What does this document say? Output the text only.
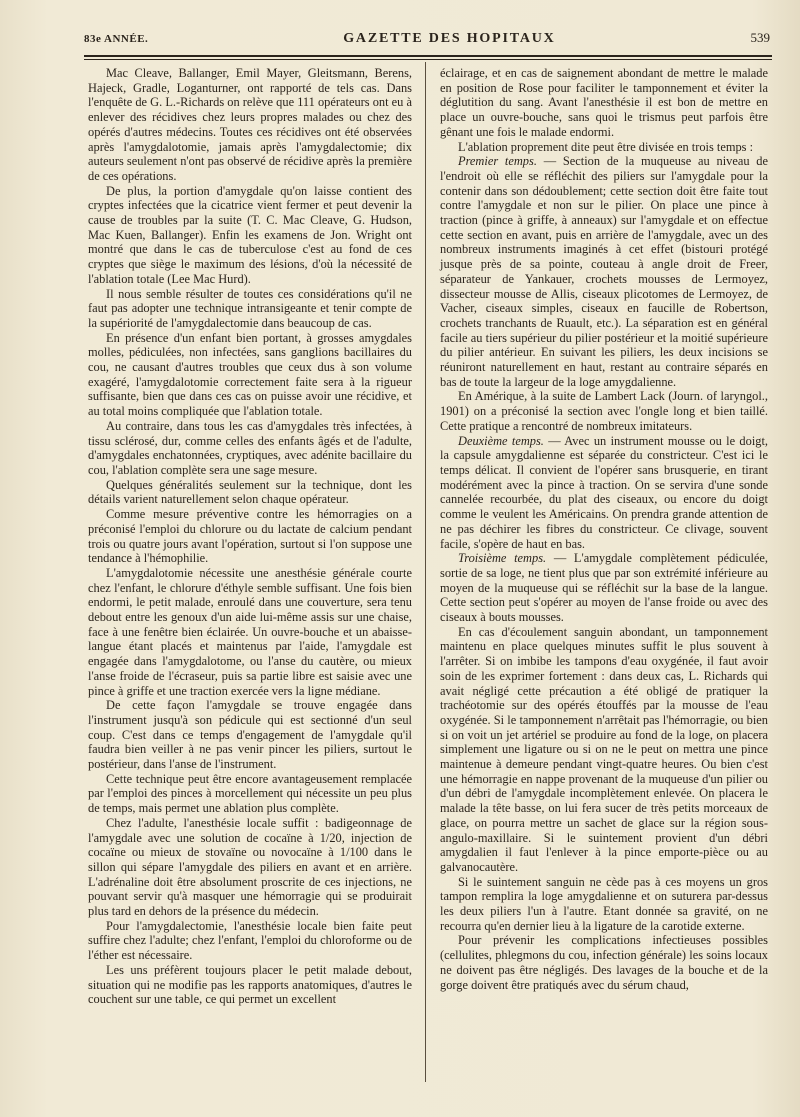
83e ANNÉE.	GAZETTE DES HOPITAUX	539

Mac Cleave, Ballanger, Emil Mayer, Gleitsmann, Berens, Hajeck, Gradle, Loganturner, ont rapporté de tels cas. Dans l'enquête de G. L.-Richards on relève que 111 opérateurs ont eu à enlever des récidives chez leurs propres malades ou chez des opérés d'autres médecins. Toutes ces récidives ont été observées après l'amygdalotomie, jamais après l'amygdalectomie; dix auteurs seulement n'ont pas observé de récidive après la première de ces opérations.

De plus, la portion d'amygdale qu'on laisse contient des cryptes infectées que la cicatrice vient fermer et peut devenir la cause de troubles par la suite (T. C. Mac Cleave, G. Hudson, Mac Kuen, Ballanger). Enfin les examens de Jon. Wright ont montré que dans le cas de tuberculose c'est au fond de ces cryptes que siège le maximum des lésions, d'où la nécessité de l'ablation totale (Lee Mac Hurd).

Il nous semble résulter de toutes ces considérations qu'il ne faut pas adopter une technique intransigeante et tenir compte de la supériorité de l'amygdalectomie dans beaucoup de cas.

En présence d'un enfant bien portant, à grosses amygdales molles, pédiculées, non infectées, sans ganglions bacillaires du cou, ne causant d'autres troubles que ceux dus à son volume exagéré, l'amygdalotomie correctement faite sera à la rigueur suffisante, bien que dans ces cas on puisse avoir une récidive, et au total moins compliquée que l'ablation totale.

Au contraire, dans tous les cas d'amygdales très infectées, à tissu sclérosé, dur, comme celles des enfants âgés et de l'adulte, d'amygdales enchatonnées, cryptiques, avec adénite bacillaire du cou, l'ablation complète sera une sage mesure.

Quelques généralités seulement sur la technique, dont les détails varient naturellement selon chaque opérateur.

Comme mesure préventive contre les hémorragies on a préconisé l'emploi du chlorure ou du lactate de calcium pendant trois ou quatre jours avant l'opération, surtout si l'on suppose une tendance à l'hémophilie.

L'amygdalotomie nécessite une anesthésie générale courte chez l'enfant, le chlorure d'éthyle semble suffisant. Une fois bien endormi, le petit malade, enroulé dans une couverture, sera tenu debout entre les genoux d'un aide lui-même assis sur une chaise, face à une fenêtre bien éclairée. Un ouvre-bouche et un abaisse-langue étant placés et maintenus par l'aide, l'amygdale est engagée dans l'amygdalotome, ou l'anse du cautère, ou mieux l'anse froide de l'écraseur, puis sa partie libre est saisie avec une pince à griffe et une traction exercée vers la ligne médiane.

De cette façon l'amygdale se trouve engagée dans l'instrument jusqu'à son pédicule qui est sectionné d'un seul coup. C'est dans ce temps d'engagement de l'amygdale qu'il faudra bien veiller à ne pas venir pincer les piliers, surtout le postérieur, dans l'anse de l'instrument.

Cette technique peut être encore avantageusement remplacée par l'emploi des pinces à morcellement qui nécessite un peu plus de temps, mais permet une ablation plus complète.

Chez l'adulte, l'anesthésie locale suffit : badigeonnage de l'amygdale avec une solution de cocaïne à 1/20, injection de cocaïne ou mieux de stovaïne ou novocaïne à 1/100 dans le sillon qui sépare l'amygdale des piliers en avant et en arrière. L'adrénaline doit être absolument proscrite de ces injections, ne pouvant servir qu'à masquer une hémorragie qui se produirait plus tard en dehors de la présence du médecin.

Pour l'amygdalectomie, l'anesthésie locale bien faite peut suffire chez l'adulte; chez l'enfant, l'emploi du chloroforme ou de l'éther est nécessaire.

Les uns préfèrent toujours placer le petit malade debout, situation qui ne modifie pas les rapports anatomiques, d'autres le couchent sur une table, ce qui permet un excellent

éclairage, et en cas de saignement abondant de mettre le malade en position de Rose pour faciliter le tamponnement et éviter la déglutition du sang. Avant l'anesthésie il est bon de mettre en place un ouvre-bouche, sans quoi le trismus peut parfois être gênant une fois le malade endormi.

L'ablation proprement dite peut être divisée en trois temps :

Premier temps. — Section de la muqueuse au niveau de l'endroit où elle se réfléchit des piliers sur l'amygdale pour la contenir dans son dédoublement; cette section doit être faite tout contre l'amygdale et non sur le pilier. On place une pince à traction (pince à griffe, à anneaux) sur l'amygdale et on effectue cette section en avant, puis en arrière de l'amygdale, avec un des nombreux instruments imaginés à cet effet (bistouri protégé jusque près de sa pointe, couteau à angle droit de Freer, séparateur de Yankauer, crochets mousses de Lermoyez, dissecteur mousse de Allis, ciseaux plicotomes de Lermoyez, de Vacher, ciseaux simples, ciseaux en faucille de Robertson, crochets tranchants de Ruault, etc.). La séparation est en général facile au tiers supérieur du pilier postérieur et la moitié supérieure du pilier antérieur. En suivant les piliers, les deux incisions se réuniront naturellement en haut, restant au contraire séparés en bas de toute la largeur de la loge amygdalienne.

En Amérique, à la suite de Lambert Lack (Journ. of laryngol., 1901) on a préconisé la section avec l'ongle long et bien taillé. Cette pratique a rencontré de nombreux imitateurs.

Deuxième temps. — Avec un instrument mousse ou le doigt, la capsule amygdalienne est séparée du constricteur. C'est ici le temps délicat. Il convient de l'opérer sans brusquerie, en tirant modérément avec la pince à traction. On se servira d'une sonde cannelée recourbée, du plat des ciseaux, ou encore du doigt comme le veulent les Américains. On prendra grande attention de ne pas déchirer les fibres du constricteur. Ce clivage, souvent facile, s'opère de haut en bas.

Troisième temps. — L'amygdale complètement pédiculée, sortie de sa loge, ne tient plus que par son extrémité inférieure au moyen de la muqueuse qui se réfléchit sur la base de la langue. Cette section peut s'opérer au moyen de l'anse froide ou avec des ciseaux à bouts mousses.

En cas d'écoulement sanguin abondant, un tamponnement maintenu en place quelques minutes suffit le plus souvent à l'arrêter. Si on imbibe les tampons d'eau oxygénée, il faut avoir soin de les exprimer fortement : dans deux cas, L. Richards qui avait négligé cette précaution a été obligé de pratiquer la trachéotomie sur des opérés étouffés par la mousse de l'eau oxygénée. Si le tamponnement n'arrêtait pas l'hémorragie, ou bien si on voit un jet artériel se produire au fond de la loge, on placera simplement une ligature ou si on ne le peut on mettra une pince maintenue à demeure pendant vingt-quatre heures. Ou bien c'est une hémorragie en nappe provenant de la muqueuse d'un pilier ou d'un débri de l'amygdale incomplètement enlevée. On placera le malade la tête basse, on lui fera sucer de très petits morceaux de glace, on pourra mettre un sachet de glace sur la région sous-angulo-maxillaire. Si le suintement provient d'un débri amygdalien il faut l'enlever à la pince emporte-pièce ou au galvanocautère.

Si le suintement sanguin ne cède pas à ces moyens un gros tampon remplira la loge amygdalienne et on suturera par-dessus les deux piliers l'un à l'autre. Etant donnée sa gravité, on ne recourra qu'en dernier lieu à la ligature de la carotide externe.

Pour prévenir les complications infectieuses possibles (cellulites, phlegmons du cou, infection générale) les soins locaux ne doivent pas être négligés. Des lavages de la bouche et de la gorge doivent être pratiqués avec du sérum chaud,
